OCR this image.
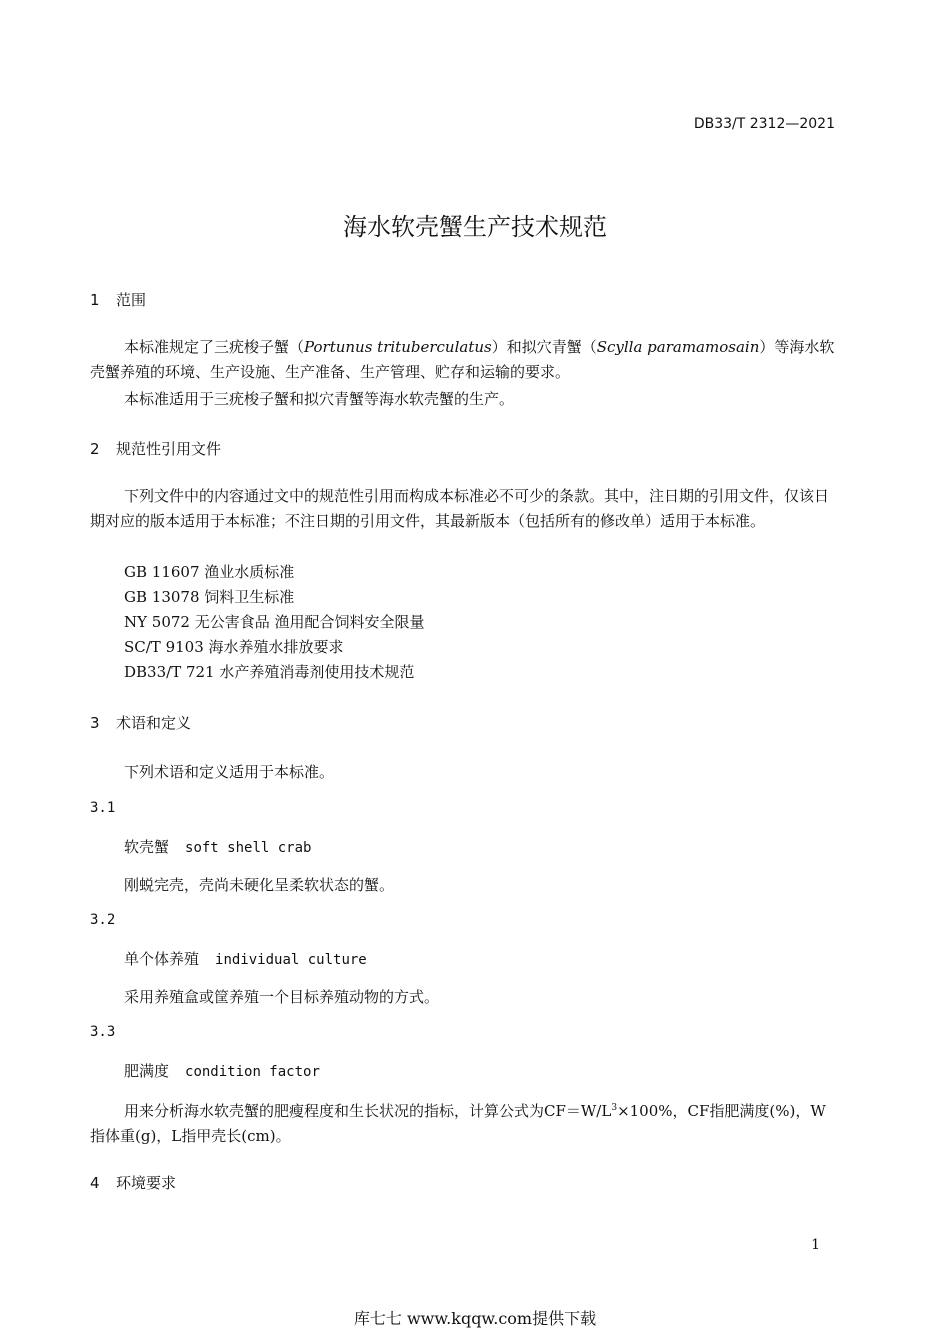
DB33/T 2312—2021
海水软壳蟹生产技术规范
1 范围
本标准规定了三疣梭子蟹（Portunus trituberculatus）和拟穴青蟹（Scylla paramamosain）等海水软壳蟹养殖的环境、生产设施、生产准备、生产管理、贮存和运输的要求。
本标准适用于三疣梭子蟹和拟穴青蟹等海水软壳蟹的生产。
2 规范性引用文件
下列文件中的内容通过文中的规范性引用而构成本标准必不可少的条款。其中，注日期的引用文件，仅该日期对应的版本适用于本标准；不注日期的引用文件，其最新版本（包括所有的修改单）适用于本标准。
GB 11607 渔业水质标准
GB 13078 饲料卫生标准
NY 5072 无公害食品 渔用配合饲料安全限量
SC/T 9103 海水养殖水排放要求
DB33/T 721 水产养殖消毒剂使用技术规范
3 术语和定义
下列术语和定义适用于本标准。
3.1
软壳蟹 soft shell crab
刚蜕完壳，壳尚未硬化呈柔软状态的蟹。
3.2
单个体养殖 individual culture
采用养殖盒或筐养殖一个目标养殖动物的方式。
3.3
肥满度 condition factor
用来分析海水软壳蟹的肥瘦程度和生长状况的指标，计算公式为$CF=W/L^3\times 100\%$，CF指肥满度(%)，W指体重(g)，L指甲壳长(cm)。
4 环境要求
1
库七七 www.kqqw.com提供下载
